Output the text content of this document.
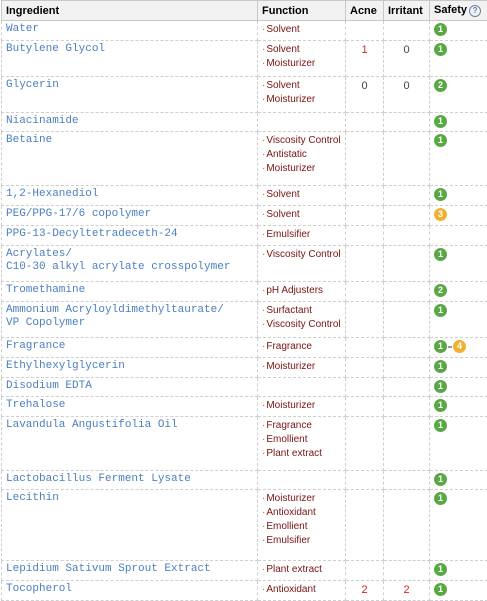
Ingredient	Function	Acne	Irritant	Safety ?

Water	· Solvent			1

Butylene Glycol	· Solvent
· Moisturizer	1	0	1

Glycerin	· Solvent
· Moisturizer	0	0	2

Niacinamide				1

Betaine	· Viscosity Control
· Antistatic
· Moisturizer			1

1,2-Hexanediol	· Solvent			1

PEG/PPG-17/6 copolymer	· Solvent			3

PPG-13-Decyltetradeceth-24	· Emulsifier

Acrylates/
C10-30 alkyl acrylate crosspolymer	· Viscosity Control			1

Tromethamine	· pH Adjusters			2

Ammonium Acryloyldimethyltaurate/
VP Copolymer	· Surfactant
· Viscosity Control			1

Fragrance	· Fragrance			1 4

Ethylhexylglycerin	· Moisturizer			1

Disodium EDTA				1

Trehalose	· Moisturizer			1

Lavandula Angustifolia Oil	· Fragrance
· Emollient
· Plant extract			1

Lactobacillus Ferment Lysate				1

Lecithin	· Moisturizer
· Antioxidant
· Emollient
· Emulsifier			1

Lepidium Sativum Sprout Extract	· Plant extract			1

Tocopherol	· Antioxidant	2	2	1
